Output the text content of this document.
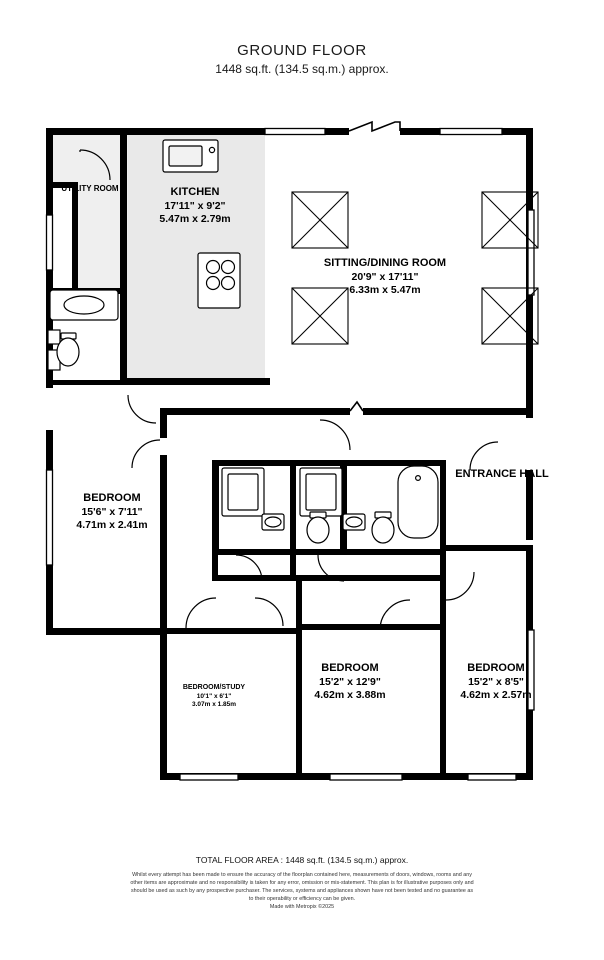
GROUND FLOOR
1448 sq.ft. (134.5 sq.m.) approx.
UTILITY ROOM	KITCHEN
17'11" x 9'2"
5.47m x 2.79m
SITTING/DINING ROOM
20'9" x 17'11"
6.33m x 5.47m
ENTRANCE HALL
BEDROOM
15'6" x 7'11"
4.71m x 2.41m
BEDROOM
15'2" x 12'9"
4.62m x 3.88m
BEDROOM
15'2" x 8'5"
4.62m x 2.57m
BEDROOM/STUDY
10'1" x 6'1"
3.07m x 1.85m
TOTAL FLOOR AREA : 1448 sq.ft. (134.5 sq.m.) approx.
Whilst every attempt has been made to ensure the accuracy of the floorplan contained here, measurements of doors, windows, rooms and any other items are approximate and no responsibility is taken for any error, omission or mis-statement. This plan is for illustrative purposes only and should be used as such by any prospective purchaser. The services, systems and appliances shown have not been tested and no guarantee as to their operability or efficiency can be given.
Made with Metropix ©2025
